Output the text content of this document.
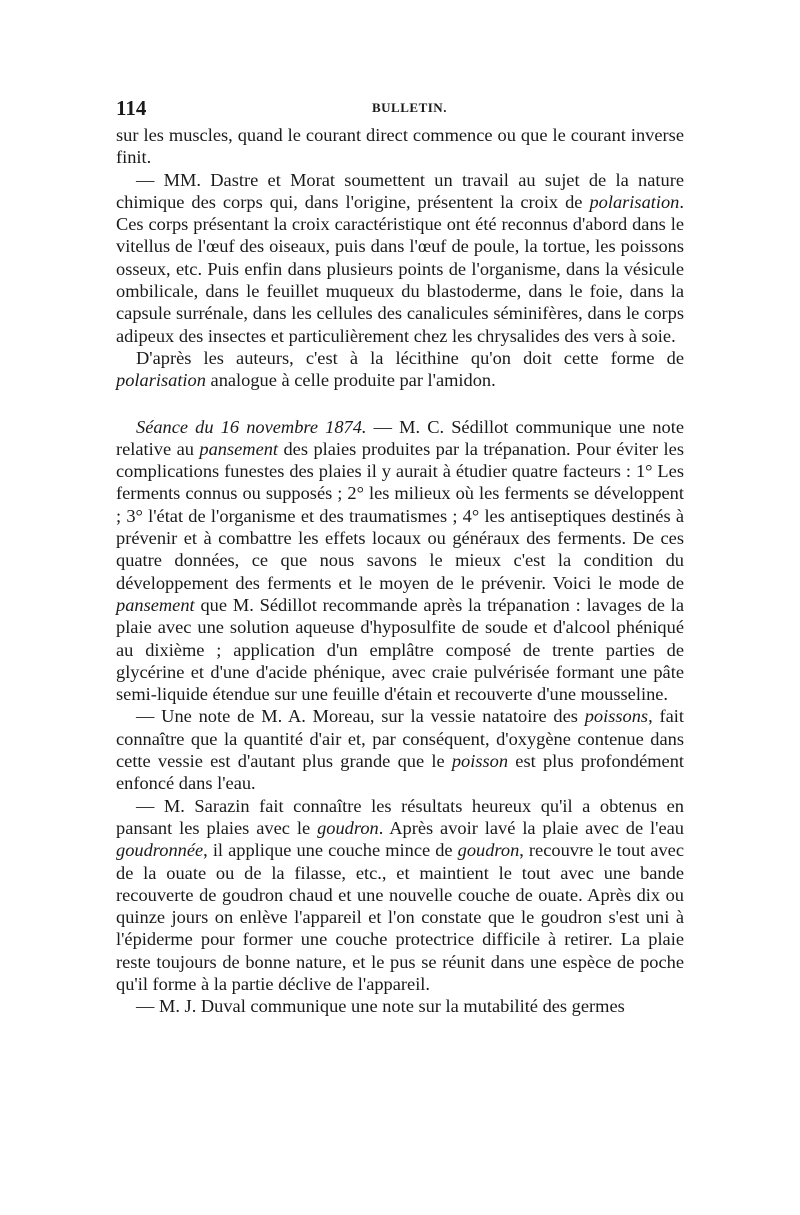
114	BULLETIN.

sur les muscles, quand le courant direct commence ou que le courant inverse finit.

— MM. Dastre et Morat soumettent un travail au sujet de la nature chimique des corps qui, dans l'origine, présentent la croix de polarisation. Ces corps présentant la croix caractéristique ont été reconnus d'abord dans le vitellus de l'œuf des oiseaux, puis dans l'œuf de poule, la tortue, les poissons osseux, etc. Puis enfin dans plusieurs points de l'organisme, dans la vésicule ombilicale, dans le feuillet muqueux du blastoderme, dans le foie, dans la capsule surrénale, dans les cellules des canalicules séminifères, dans le corps adipeux des insectes et particulièrement chez les chrysalides des vers à soie.

D'après les auteurs, c'est à la lécithine qu'on doit cette forme de polarisation analogue à celle produite par l'amidon.

Séance du 16 novembre 1874. — M. C. Sédillot communique une note relative au pansement des plaies produites par la trépanation. Pour éviter les complications funestes des plaies il y aurait à étudier quatre facteurs : 1° Les ferments connus ou supposés ; 2° les milieux où les ferments se développent ; 3° l'état de l'organisme et des traumatismes ; 4° les antiseptiques destinés à prévenir et à combattre les effets locaux ou généraux des ferments. De ces quatre données, ce que nous savons le mieux c'est la condition du développement des ferments et le moyen de le prévenir. Voici le mode de pansement que M. Sédillot recommande après la trépanation : lavages de la plaie avec une solution aqueuse d'hyposulfite de soude et d'alcool phéniqué au dixième ; application d'un emplâtre composé de trente parties de glycérine et d'une d'acide phénique, avec craie pulvérisée formant une pâte semi-liquide étendue sur une feuille d'étain et recouverte d'une mousseline.

— Une note de M. A. Moreau, sur la vessie natatoire des poissons, fait connaître que la quantité d'air et, par conséquent, d'oxygène contenue dans cette vessie est d'autant plus grande que le poisson est plus profondément enfoncé dans l'eau.

— M. Sarazin fait connaître les résultats heureux qu'il a obtenus en pansant les plaies avec le goudron. Après avoir lavé la plaie avec de l'eau goudronnée, il applique une couche mince de goudron, recouvre le tout avec de la ouate ou de la filasse, etc., et maintient le tout avec une bande recouverte de goudron chaud et une nouvelle couche de ouate. Après dix ou quinze jours on enlève l'appareil et l'on constate que le goudron s'est uni à l'épiderme pour former une couche protectrice difficile à retirer. La plaie reste toujours de bonne nature, et le pus se réunit dans une espèce de poche qu'il forme à la partie déclive de l'appareil.

— M. J. Duval communique une note sur la mutabilité des germes
